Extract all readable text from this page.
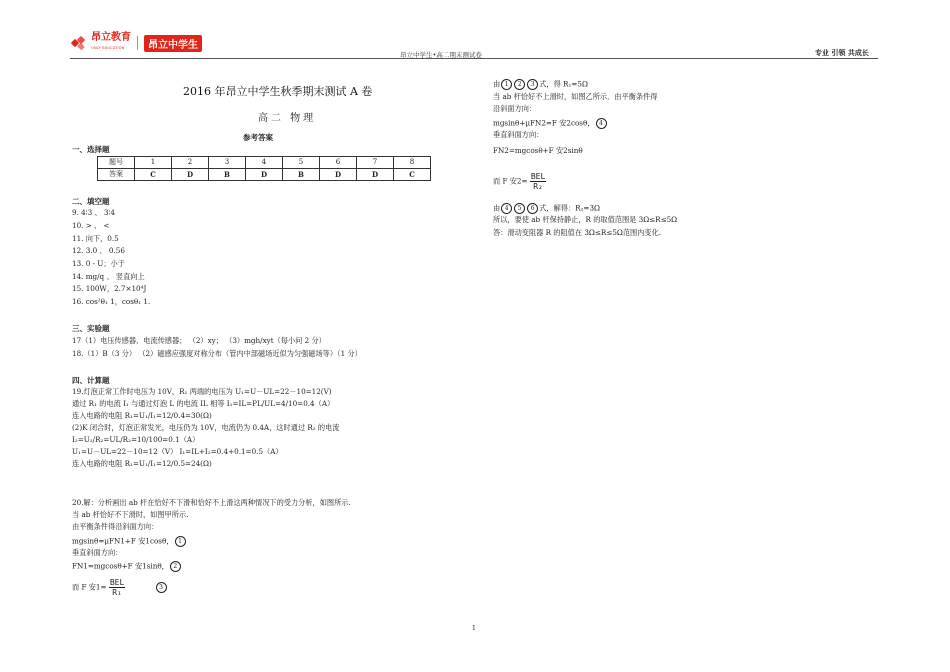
昂立教育
ONLY EDUCATION	昂立中学生
昂立中学生•高二期末测试卷	专业 引领 共成长
2016 年昂立中学生秋季期末测试 A 卷
高二 物理
参考答案
一、选择题
题号	1	2	3	4	5	6	7	8
答案	C	D	B	D	B	D	D	C
二、填空题
9. 4∶3 、 3∶4
10. > 、 <
11. 向下，0.5
12. 3.0 、 0.56
13. 0 - U；小于
14. mg/q 、 竖直向上
15. 100W，2.7×10⁴J
16. cos²θ₁ 1，cosθ₁ 1.
三、实验题
17（1）电压传感器、电流传感器； （2）xy； （3）mgh/xyt（每小问 2 分）
18.（1）B（3 分） （2）磁感应强度对称分布（管内中部磁场近似为匀强磁场等）（1 分）
四、计算题
19.灯泡正常工作时电压为 10V，R₁ 两端的电压为 U₁=U－UL=22－10=12(V)
通过 R₁ 的电流 I₁ 与通过灯泡 L 的电流 IL 相等 I₁=IL=PL/UL=4/10=0.4（A）
连入电路的电阻 R₁=U₁/I₁=12/0.4=30(Ω)
(2)K 闭合时，灯泡正常发光，电压仍为 10V，电流仍为 0.4A，这时通过 R₂ 的电流
I₂=U₂/R₂=UL/R₂=10/100=0.1（A）
U₁=U－UL=22－10=12（V） I₁=IL+I₂=0.4+0.1=0.5（A）
连入电路的电阻 R₁=U₁/I₁=12/0.5=24(Ω)
20.解：分析画出 ab 杆在恰好不下滑和恰好不上滑这两种情况下的受力分析，如图所示.
当 ab 杆恰好不下滑时，如图甲所示.
由平衡条件得沿斜面方向：
mgsinθ=μFN1+F 安1cosθ， 1
垂直斜面方向：
FN1=mgcosθ+F 安1sinθ， 2
而 F 安$1= \frac{\text{BEL}}{\text{R₁}}$	3
由 1 2 3 式，得 R₁=5Ω
当 ab 杆恰好不上滑时，如图乙所示．由平衡条件得
沿斜面方向：
mgsinθ+μFN2=F 安2cosθ， 4
垂直斜面方向：
FN2=mgcosθ+F 安2sinθ
而 F 安$2= \frac{\text{BEL}}{\text{R₂}}$
由 4 5 6 式，解得：R₂=3Ω
所以，要使 ab 杆保持静止，R 的取值范围是 3Ω≤R≤5Ω
答：滑动变阻器 R 的阻值在 3Ω≤R≤5Ω范围内变化.
1
